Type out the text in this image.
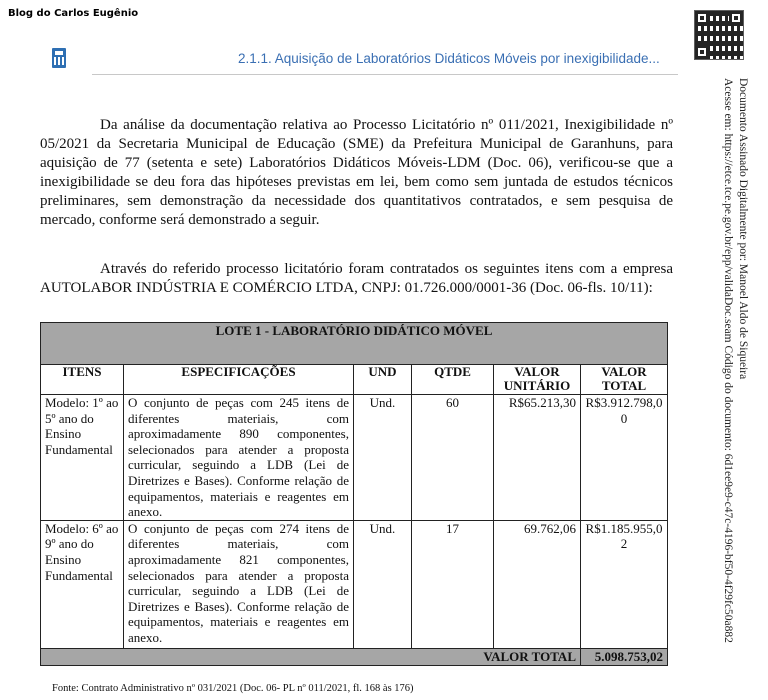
Blog do Carlos Eugênio
2.1.1. Aquisição de Laboratórios Didáticos Móveis por inexigibilidade...
Documento Assinado Digitalmente por: Manoel Aldo de Siqueira
Acesse em: https://etce.tce.pe.gov.br/epp/validaDoc.seam Código do documento: 6d1ee9e9-c47c-4196-bf50-4f29fc50a882

Da análise da documentação relativa ao Processo Licitatório nº 011/2021, Inexigibilidade nº 05/2021 da Secretaria Municipal de Educação (SME) da Prefeitura Municipal de Garanhuns, para aquisição de 77 (setenta e sete) Laboratórios Didáticos Móveis-LDM (Doc. 06), verificou-se que a inexigibilidade se deu fora das hipóteses previstas em lei, bem como sem juntada de estudos técnicos preliminares, sem demonstração da necessidade dos quantitativos contratados, e sem pesquisa de mercado, conforme será demonstrado a seguir.

Através do referido processo licitatório foram contratados os seguintes itens com a empresa AUTOLABOR INDÚSTRIA E COMÉRCIO LTDA, CNPJ: 01.726.000/0001-36 (Doc. 06-fls. 10/11):

LOTE 1 - LABORATÓRIO DIDÁTICO MÓVEL					
ITENS	ESPECIFICAÇÕES	UND	QTDE	VALOR UNITÁRIO	VALOR TOTAL
Modelo: 1º ao 5º ano do Ensino Fundamental	O conjunto de peças com 245 itens de diferentes materiais, com aproximadamente 890 componentes, selecionados para atender a proposta curricular, seguindo a LDB (Lei de Diretrizes e Bases). Conforme relação de equipamentos, materiais e reagentes em anexo.	Und.	60	R$65.213,30	R$3.912.798,00
Modelo: 6º ao 9º ano do Ensino Fundamental	O conjunto de peças com 274 itens de diferentes materiais, com aproximadamente 821 componentes, selecionados para atender a proposta curricular, seguindo a LDB (Lei de Diretrizes e Bases). Conforme relação de equipamentos, materiais e reagentes em anexo.	Und.	17	69.762,06	R$1.185.955,02
VALOR TOTAL					5.098.753,02
Fonte: Contrato Administrativo nº 031/2021 (Doc. 06- PL nº 011/2021, fl. 168 às 176)
